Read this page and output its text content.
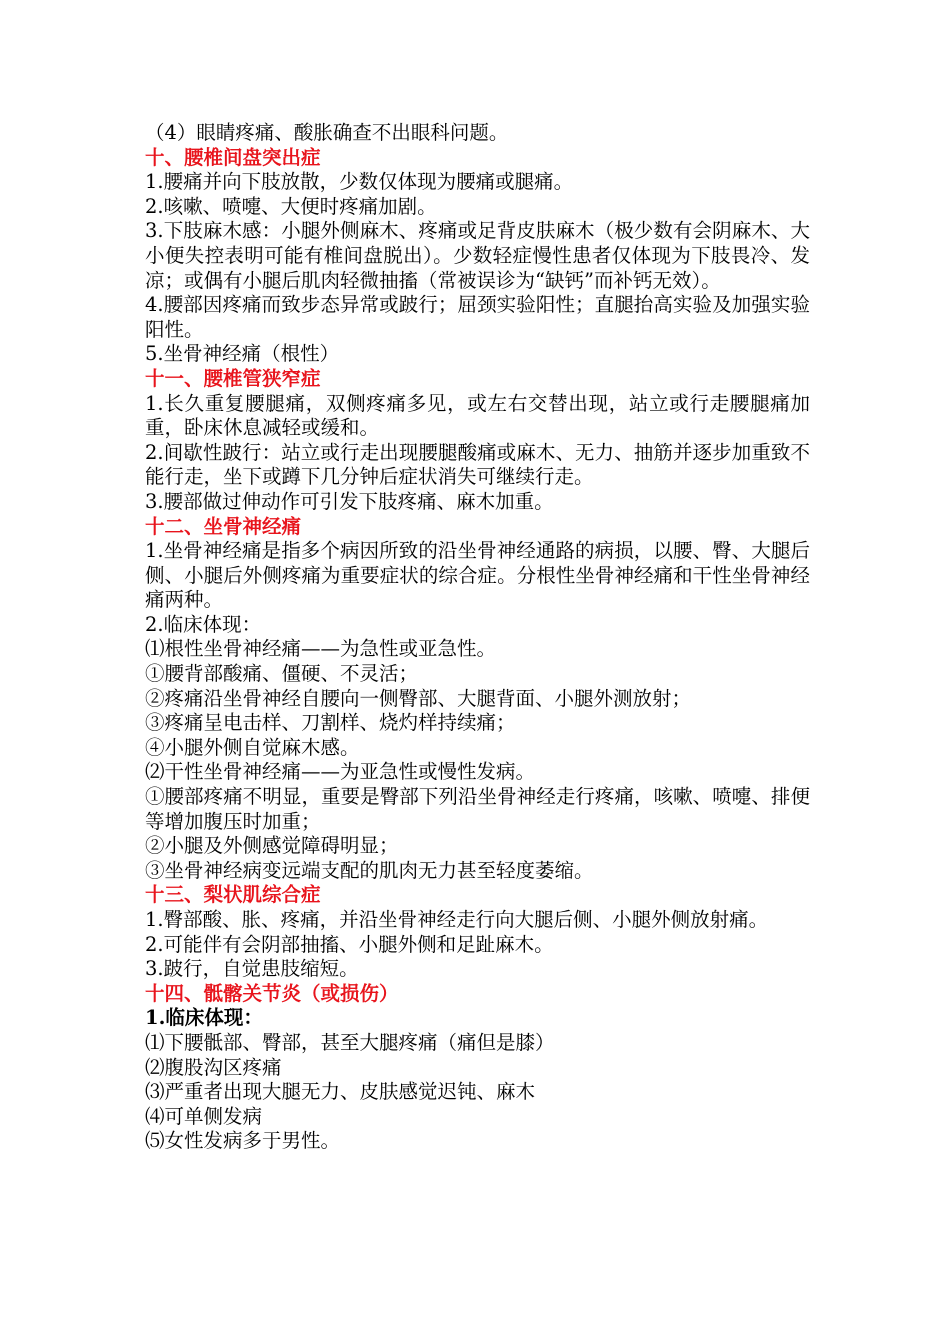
（4）眼睛疼痛、酸胀确查不出眼科问题。
十、腰椎间盘突出症
1.腰痛并向下肢放散，少数仅体现为腰痛或腿痛。
2.咳嗽、喷嚏、大便时疼痛加剧。
3.下肢麻木感：小腿外侧麻木、疼痛或足背皮肤麻木（极少数有会阴麻木、大小便失控表明可能有椎间盘脱出）。少数轻症慢性患者仅体现为下肢畏冷、发凉；或偶有小腿后肌肉轻微抽搐（常被误诊为“缺钙”而补钙无效）。
4.腰部因疼痛而致步态异常或跛行；屈颈实验阳性；直腿抬高实验及加强实验阳性。
5.坐骨神经痛（根性）
十一、腰椎管狭窄症
1.长久重复腰腿痛，双侧疼痛多见，或左右交替出现，站立或行走腰腿痛加重，卧床休息减轻或缓和。
2.间歇性跛行：站立或行走出现腰腿酸痛或麻木、无力、抽筋并逐步加重致不能行走，坐下或蹲下几分钟后症状消失可继续行走。
3.腰部做过伸动作可引发下肢疼痛、麻木加重。
十二、坐骨神经痛
1.坐骨神经痛是指多个病因所致的沿坐骨神经通路的病损，以腰、臀、大腿后侧、小腿后外侧疼痛为重要症状的综合症。分根性坐骨神经痛和干性坐骨神经痛两种。
2.临床体现：
⑴根性坐骨神经痛——为急性或亚急性。
①腰背部酸痛、僵硬、不灵活；
②疼痛沿坐骨神经自腰向一侧臀部、大腿背面、小腿外测放射；
③疼痛呈电击样、刀割样、烧灼样持续痛；
④小腿外侧自觉麻木感。
⑵干性坐骨神经痛——为亚急性或慢性发病。
①腰部疼痛不明显，重要是臀部下列沿坐骨神经走行疼痛，咳嗽、喷嚏、排便等增加腹压时加重；
②小腿及外侧感觉障碍明显；
③坐骨神经病变远端支配的肌肉无力甚至轻度萎缩。
十三、梨状肌综合症
1.臀部酸、胀、疼痛，并沿坐骨神经走行向大腿后侧、小腿外侧放射痛。
2.可能伴有会阴部抽搐、小腿外侧和足趾麻木。
3.跛行，自觉患肢缩短。
十四、骶髂关节炎（或损伤）
1.临床体现：
⑴下腰骶部、臀部，甚至大腿疼痛（痛但是膝）
⑵腹股沟区疼痛
⑶严重者出现大腿无力、皮肤感觉迟钝、麻木
⑷可单侧发病
⑸女性发病多于男性。
